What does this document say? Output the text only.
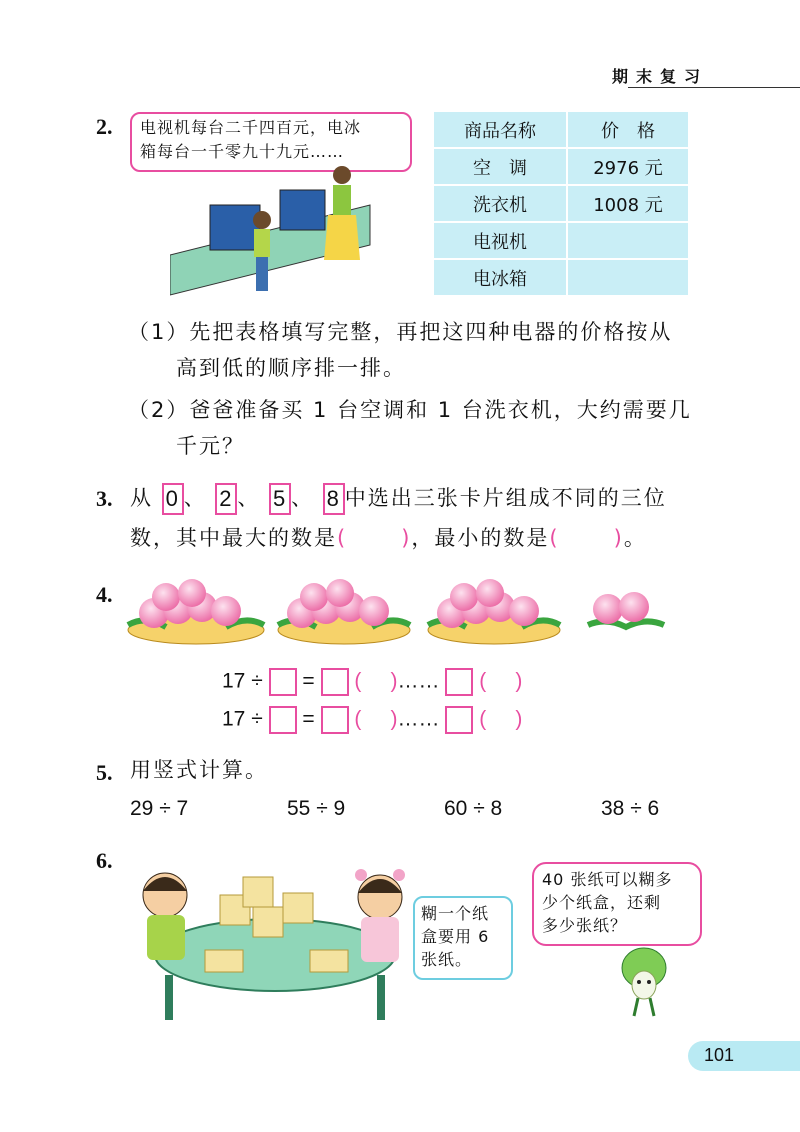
期末复习
2. 电视机每台二千四百元，电冰
箱每台一千零九十九元……
商品名称	价　格
空　调	2976 元
洗衣机	1008 元
电视机	
电冰箱	
（1）先把表格填写完整，再把这四种电器的价格按从
高到低的顺序排一排。
（2）爸爸准备买 1 台空调和 1 台洗衣机，大约需要几
千元？
3. 从 0 、 2 、 5 、 8 中选出三张卡片组成不同的三位
数，其中最大的数是(	)，最小的数是(	)。
4.
17 ÷ = (     )…… (     )
17 ÷ = (     )…… (     )
5. 用竖式计算。
29 ÷ 7	55 ÷ 9	60 ÷ 8	38 ÷ 6
6.
糊一个纸
盒要用 6
张纸。
40 张纸可以糊多
少个纸盒，还剩
多少张纸？
101
